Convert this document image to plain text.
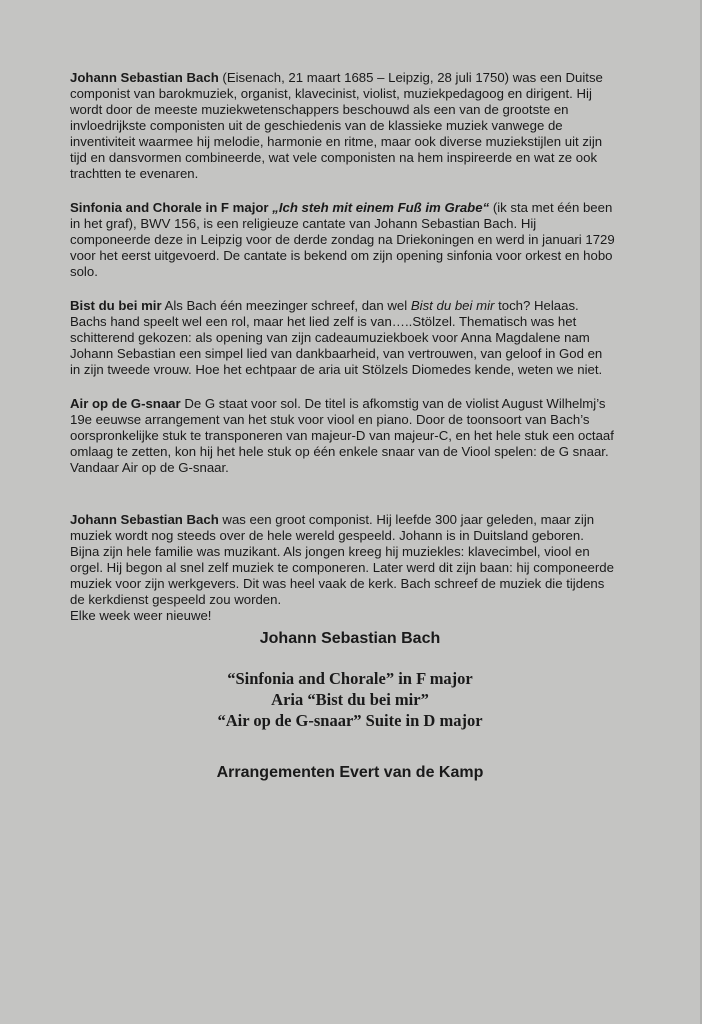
Johann Sebastian Bach (Eisenach, 21 maart 1685 – Leipzig, 28 juli 1750) was een Duitse componist van barokmuziek, organist, klavecinist, violist, muziekpedagoog en dirigent. Hij wordt door de meeste muziekwetenschappers beschouwd als een van de grootste en invloedrijkste componisten uit de geschiedenis van de klassieke muziek vanwege de inventiviteit waarmee hij melodie, harmonie en ritme, maar ook diverse muziekstijlen uit zijn tijd en dansvormen combineerde, wat vele componisten na hem inspireerde en wat ze ook trachtten te evenaren.

Sinfonia and Chorale in F major „Ich steh mit einem Fuß im Grabe“ (ik sta met één been in het graf), BWV 156, is een religieuze cantate van Johann Sebastian Bach. Hij componeerde deze in Leipzig voor de derde zondag na Driekoningen en werd in januari 1729 voor het eerst uitgevoerd. De cantate is bekend om zijn opening sinfonia voor orkest en hobo solo.

Bist du bei mir Als Bach één meezinger schreef, dan wel Bist du bei mir toch? Helaas. Bachs hand speelt wel een rol, maar het lied zelf is van…..Stölzel. Thematisch was het schitterend gekozen: als opening van zijn cadeaumuziekboek voor Anna Magdalene nam Johann Sebastian een simpel lied van dankbaarheid, van vertrouwen, van geloof in God en in zijn tweede vrouw. Hoe het echtpaar de aria uit Stölzels Diomedes kende, weten we niet.

Air op de G-snaar De G staat voor sol. De titel is afkomstig van de violist August Wilhelmj’s 19e eeuwse arrangement van het stuk voor viool en piano. Door de toonsoort van Bach’s oorspronkelijke stuk te transponeren van majeur-D van majeur-C, en het hele stuk een octaaf omlaag te zetten, kon hij het hele stuk op één enkele snaar van de Viool spelen: de G snaar. Vandaar Air op de G-snaar.

Johann Sebastian Bach was een groot componist. Hij leefde 300 jaar geleden, maar zijn muziek wordt nog steeds over de hele wereld gespeeld. Johann is in Duitsland geboren. Bijna zijn hele familie was muzikant. Als jongen kreeg hij muziekles: klavecimbel, viool en orgel. Hij begon al snel zelf muziek te componeren. Later werd dit zijn baan: hij componeerde muziek voor zijn werkgevers. Dit was heel vaak de kerk. Bach schreef de muziek die tijdens de kerkdienst gespeeld zou worden.
Elke week weer nieuwe!

Johann Sebastian Bach
“Sinfonia and Chorale” in F major
Aria “Bist du bei mir”
“Air op de G-snaar” Suite in D major
Arrangementen Evert van de Kamp
